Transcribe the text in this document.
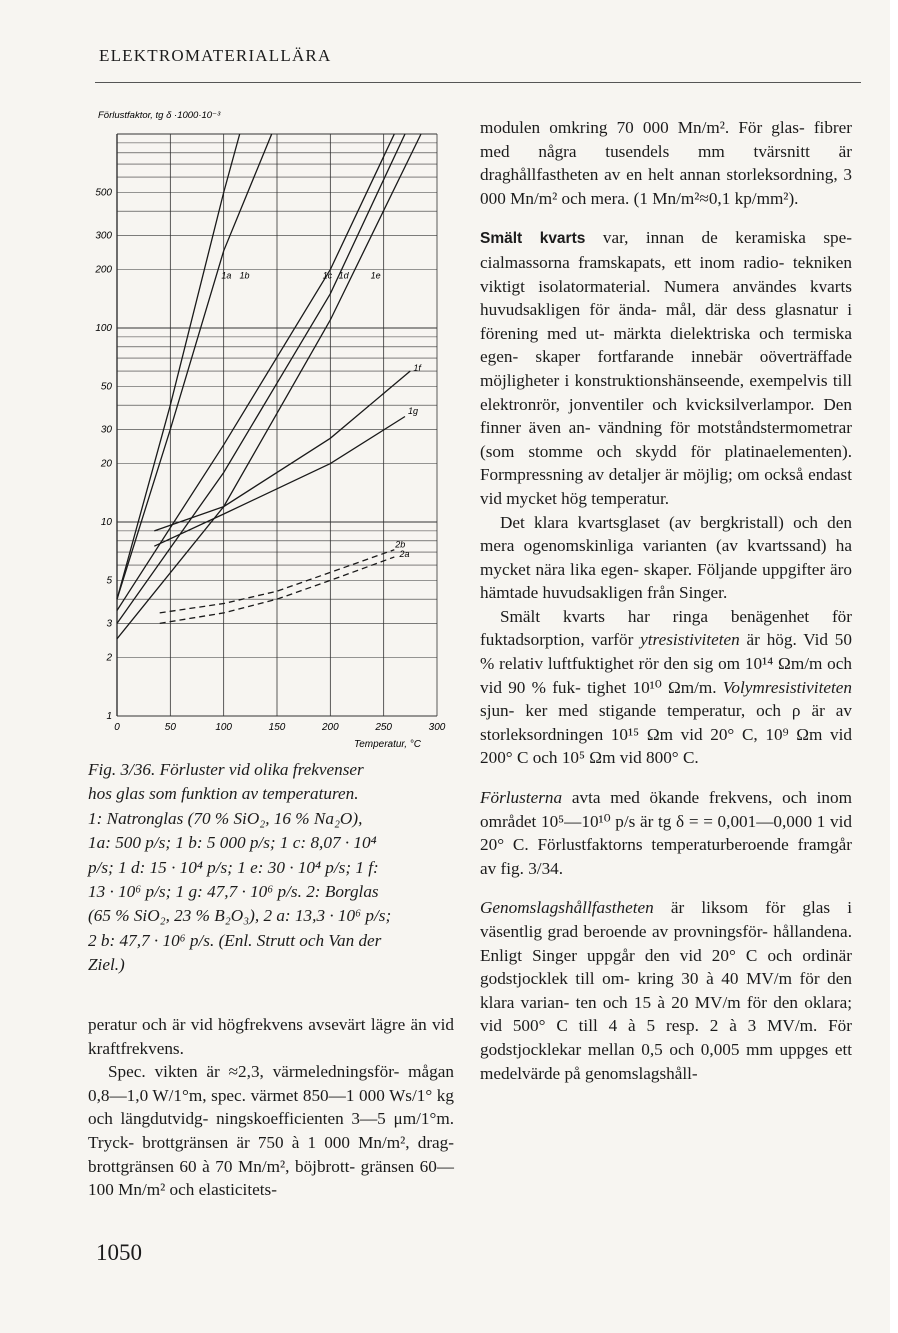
ELEKTROMATERIALLÄRA
Förlustfaktor, tg δ ·1000·10⁻³
0	50	100	150	200	250	300
1
2
3
5
10
20
30
50
100
200
300
500
1a 1b	1c 1d 1e
1f
1g
2b
2a
Temperatur, °C
Fig. 3/36. Förluster vid olika frekvenser
hos glas som funktion av temperaturen.
1: Natronglas (70 % SiO₂, 16 % Na₂O),
1a: 500 p/s; 1 b: 5 000 p/s; 1 c: 8,07 · 10⁴
p/s; 1 d: 15 · 10⁴ p/s; 1 e: 30 · 10⁴ p/s; 1 f:
13 · 10⁶ p/s; 1 g: 47,7 · 10⁶ p/s. 2: Borglas
(65 % SiO₂, 23 % B₂O₃), 2 a: 13,3 · 10⁶ p/s;
2 b: 47,7 · 10⁶ p/s. (Enl. Strutt och Van der
Ziel.)

peratur och är vid högfrekvens avsevärt lägre än vid kraftfrekvens.

Spec. vikten är ≈2,3, värmeledningsför- mågan 0,8—1,0 W/1°m, spec. värmet 850—1 000 Ws/1° kg och längdutvidg- ningskoefficienten 3—5 μm/1°m. Tryck- brottgränsen är 750 à 1 000 Mn/m², drag- brottgränsen 60 à 70 Mn/m², böjbrott- gränsen 60—100 Mn/m² och elasticitets-

modulen omkring 70 000 Mn/m². För glas- fibrer med några tusendels mm tvärsnitt är draghållfastheten av en helt annan storleksordning, 3 000 Mn/m² och mera. (1 Mn/m²≈0,1 kp/mm²).

Smält kvarts var, innan de keramiska spe- cialmassorna framskapats, ett inom radio- tekniken viktigt isolatormaterial. Numera användes kvarts huvudsakligen för ända- mål, där dess glasnatur i förening med ut- märkta dielektriska och termiska egen- skaper fortfarande innebär oöverträffade möjligheter i konstruktionshänseende, exempelvis till elektronrör, jonventiler och kvicksilverlampor. Den finner även an- vändning för motståndstermometrar (som stomme och skydd för platinaelementen). Formpressning av detaljer är möjlig; om också endast vid mycket hög temperatur.

Det klara kvartsglaset (av bergkristall) och den mera ogenomskinliga varianten (av kvartssand) ha mycket nära lika egen- skaper. Följande uppgifter äro hämtade huvudsakligen från Singer.

Smält kvarts har ringa benägenhet för fuktadsorption, varför ytresistiviteten är hög. Vid 50 % relativ luftfuktighet rör den sig om 10¹⁴ Ωm/m och vid 90 % fuk- tighet 10¹⁰ Ωm/m. Volymresistiviteten sjun- ker med stigande temperatur, och ρ är av storleksordningen 10¹⁵ Ωm vid 20° C, 10⁹ Ωm vid 200° C och 10⁵ Ωm vid 800° C.

Förlusterna avta med ökande frekvens, och inom området 10⁵—10¹⁰ p/s är tg δ = = 0,001—0,000 1 vid 20° C. Förlustfaktorns temperaturberoende framgår av fig. 3/34.

Genomslagshållfastheten är liksom för glas i väsentlig grad beroende av provningsför- hållandena. Enligt Singer uppgår den vid 20° C och ordinär godstjocklek till om- kring 30 à 40 MV/m för den klara varian- ten och 15 à 20 MV/m för den oklara; vid 500° C till 4 à 5 resp. 2 à 3 MV/m. För godstjocklekar mellan 0,5 och 0,005 mm uppges ett medelvärde på genomslagshåll-

1050
